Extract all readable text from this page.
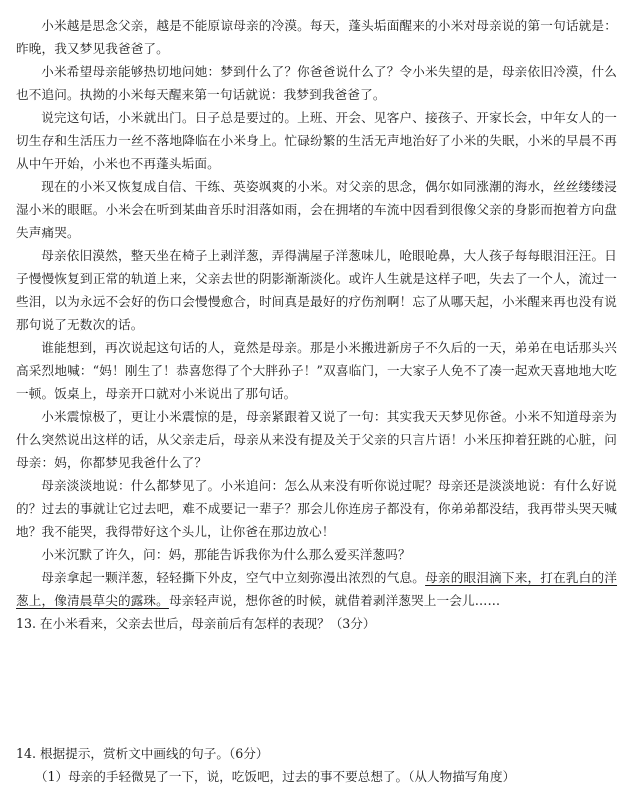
小米越是思念父亲，越是不能原谅母亲的冷漠。每天，蓬头垢面醒来的小米对母亲说的第一句话就是：昨晚，我又梦见我爸爸了。

小米希望母亲能够热切地问她：梦到什么了？你爸爸说什么了？令小米失望的是，母亲依旧冷漠，什么也不追问。执拗的小米每天醒来第一句话就说：我梦到我爸爸了。

说完这句话，小米就出门。日子总是要过的。上班、开会、见客户、接孩子、开家长会，中年女人的一切生存和生活压力一丝不落地降临在小米身上。忙碌纷繁的生活无声地治好了小米的失眠，小米的早晨不再从中午开始，小米也不再蓬头垢面。

现在的小米又恢复成自信、干练、英姿飒爽的小米。对父亲的思念，偶尔如同涨潮的海水，丝丝缕缕浸湿小米的眼眶。小米会在听到某曲音乐时泪落如雨，会在拥堵的车流中因看到很像父亲的身影而抱着方向盘失声痛哭。

母亲依旧漠然，整天坐在椅子上剥洋葱，弄得满屋子洋葱味儿，呛眼呛鼻，大人孩子每每眼泪汪汪。日子慢慢恢复到正常的轨道上来，父亲去世的阴影渐渐淡化。或许人生就是这样子吧，失去了一个人，流过一些泪，以为永远不会好的伤口会慢慢愈合，时间真是最好的疗伤剂啊！忘了从哪天起，小米醒来再也没有说那句说了无数次的话。

谁能想到，再次说起这句话的人，竟然是母亲。那是小米搬进新房子不久后的一天，弟弟在电话那头兴高采烈地喊：“妈！刚生了！恭喜您得了个大胖孙子！”双喜临门，一大家子人免不了凑一起欢天喜地地大吃一顿。饭桌上，母亲开口就对小米说出了那句话。

小米震惊极了，更让小米震惊的是，母亲紧跟着又说了一句：其实我天天梦见你爸。小米不知道母亲为什么突然说出这样的话，从父亲走后，母亲从来没有提及关于父亲的只言片语！小米压抑着狂跳的心脏，问母亲：妈，你都梦见我爸什么了？

母亲淡淡地说：什么都梦见了。小米追问：怎么从来没有听你说过呢？母亲还是淡淡地说：有什么好说的？过去的事就让它过去吧，难不成要记一辈子？那会儿你连房子都没有，你弟弟都没结，我再带头哭天喊地？我不能哭，我得带好这个头儿，让你爸在那边放心！

小米沉默了许久，问：妈，那能告诉我你为什么那么爱买洋葱吗？

母亲拿起一颗洋葱，轻轻撕下外皮，空气中立刻弥漫出浓烈的气息。母亲的眼泪滴下来，打在乳白的洋葱上，像清晨草尖的露珠。母亲轻声说，想你爸的时候，就借着剥洋葱哭上一会儿……

13. 在小米看来，父亲去世后，母亲前后有怎样的表现？（3分）

14. 根据提示，赏析文中画线的句子。（6分）

（1）母亲的手轻微晃了一下，说，吃饭吧，过去的事不要总想了。（从人物描写角度）
